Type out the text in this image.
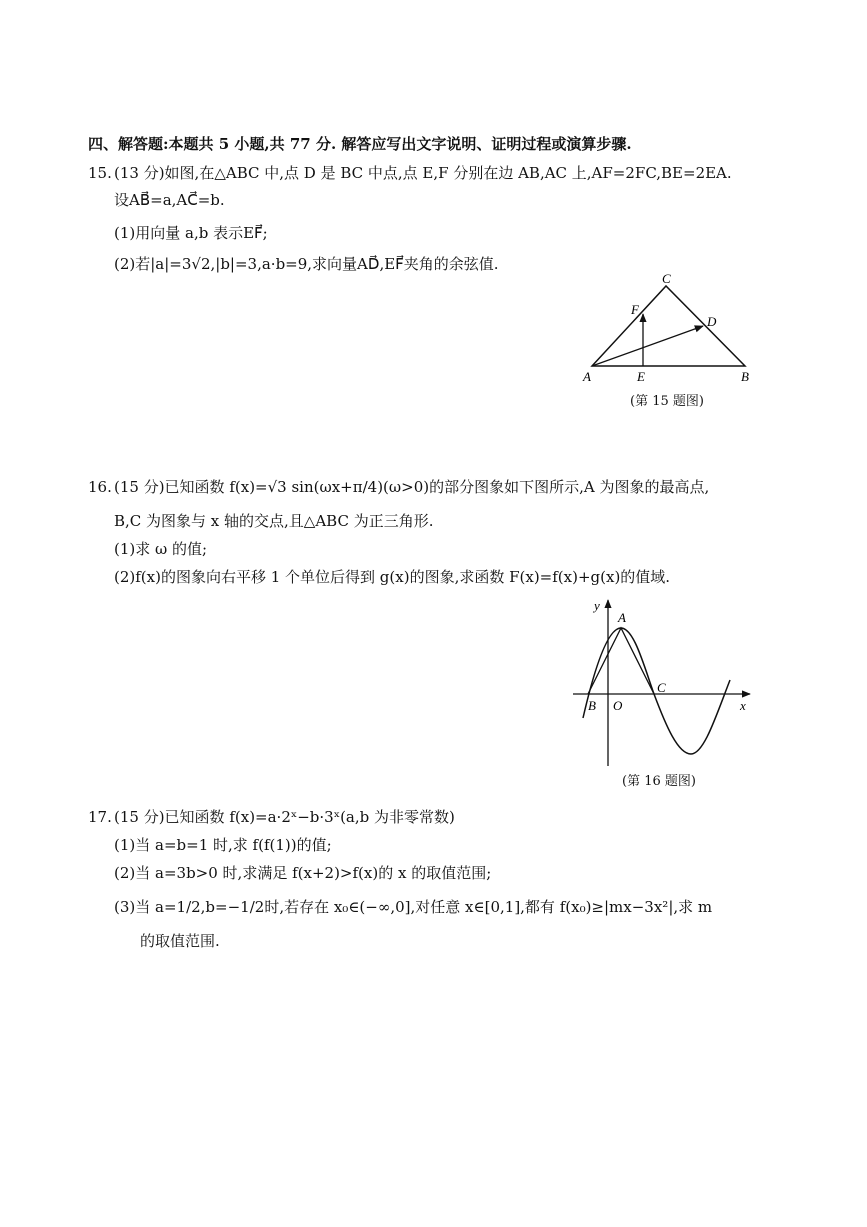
四、解答题:本题共 5 小题,共 77 分. 解答应写出文字说明、证明过程或演算步骤.
15. (13 分)如图,在△ABC 中,点 D 是 BC 中点,点 E,F 分别在边 AB,AC 上,AF=2FC,BE=2EA.
设AB⃗=a,AC⃗=b.
(1)用向量 a,b 表示EF⃗;
(2)若|a|=3√2,|b|=3,a·b=9,求向量AD⃗,EF⃗夹角的余弦值.
A	E	B
C
F
D
(第 15 题图)
16. (15 分)已知函数 f(x)=√3 sin(ωx+π/4)(ω>0)的部分图象如下图所示,A 为图象的最高点,
B,C 为图象与 x 轴的交点,且△ABC 为正三角形.
(1)求 ω 的值;
(2)f(x)的图象向右平移 1 个单位后得到 g(x)的图象,求函数 F(x)=f(x)+g(x)的值域.
y
x
A
B O
C
(第 16 题图)
17. (15 分)已知函数 f(x)=a·2ˣ−b·3ˣ(a,b 为非零常数)
(1)当 a=b=1 时,求 f(f(1))的值;
(2)当 a=3b>0 时,求满足 f(x+2)>f(x)的 x 的取值范围;
(3)当 a=1/2,b=−1/2时,若存在 x₀∈(−∞,0],对任意 x∈[0,1],都有 f(x₀)≥|mx−3x²|,求 m
的取值范围.
